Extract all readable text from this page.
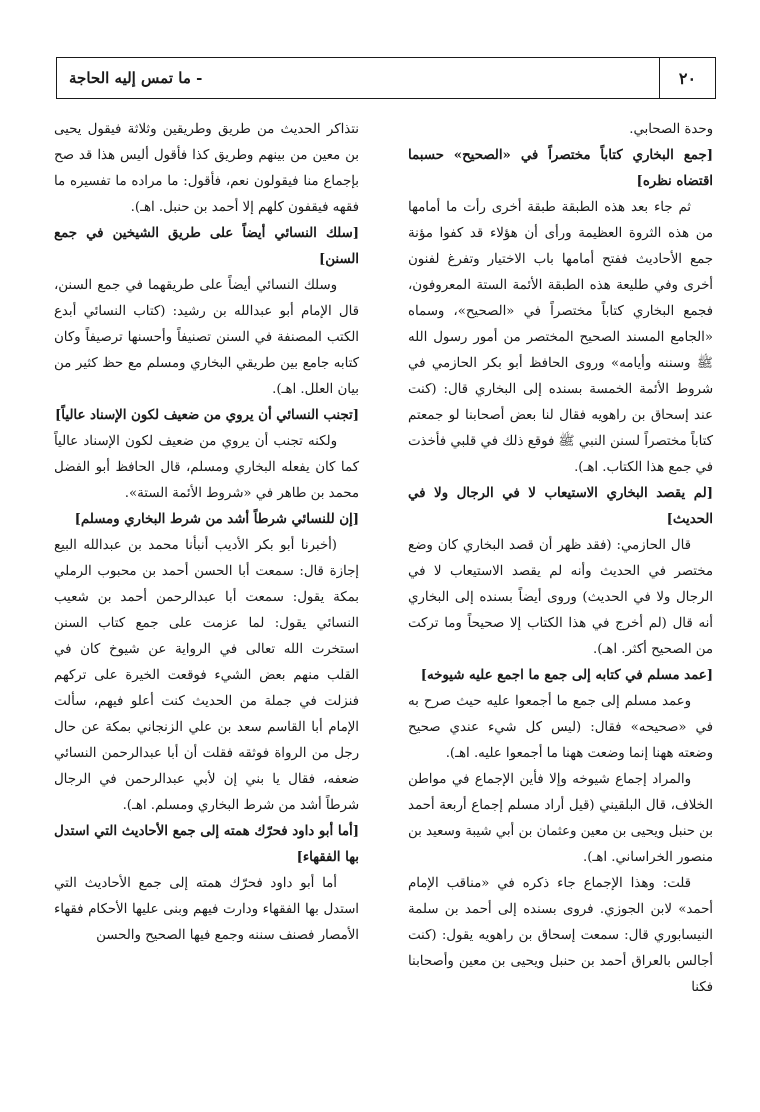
٢٠
- ما تمس إليه الحاجة

وحدة الصحابي.

[جمع البخاري كتاباً مختصراً في «الصحيح» حسبما اقتضاه نظره]

ثم جاء بعد هذه الطبقة طبقة أخرى رأت ما أمامها من هذه الثروة العظيمة ورأى أن هؤلاء قد كفوا مؤنة جمع الأحاديث ففتح أمامها باب الاختيار وتفرغ لفنون أخرى وفي طليعة هذه الطبقة الأئمة الستة المعروفون، فجمع البخاري كتاباً مختصراً في «الصحيح»، وسماه «الجامع المسند الصحيح المختصر من أمور رسول الله ﷺ وسننه وأيامه» وروى الحافظ أبو بكر الحازمي في شروط الأئمة الخمسة بسنده إلى البخاري قال: (كنت عند إسحاق بن راهويه فقال لنا بعض أصحابنا لو جمعتم كتاباً مختصراً لسنن النبي ﷺ فوقع ذلك في قلبي فأخذت في جمع هذا الكتاب. اهـ).

[لم يقصد البخاري الاستيعاب لا في الرجال ولا في الحديث]

قال الحازمي: (فقد ظهر أن قصد البخاري كان وضع مختصر في الحديث وأنه لم يقصد الاستيعاب لا في الرجال ولا في الحديث) وروى أيضاً بسنده إلى البخاري أنه قال (لم أخرج في هذا الكتاب إلا صحيحاً وما تركت من الصحيح أكثر. اهـ).

[عمد مسلم في كتابه إلى جمع ما اجمع عليه شيوخه]

وعمد مسلم إلى جمع ما أجمعوا عليه حيث صرح به في «صحيحه» فقال: (ليس كل شيء عندي صحيح وضعته ههنا إنما وضعت ههنا ما أجمعوا عليه. اهـ).

والمراد إجماع شيوخه وإلا فأين الإجماع في مواطن الخلاف، قال البلقيني (قيل أراد مسلم إجماع أربعة أحمد بن حنبل ويحيى بن معين وعثمان بن أبي شيبة وسعيد بن منصور الخراساني. اهـ).

قلت: وهذا الإجماع جاء ذكره في «مناقب الإمام أحمد» لابن الجوزي. فروى بسنده إلى أحمد بن سلمة النيسابوري قال: سمعت إسحاق بن راهويه يقول: (كنت أجالس بالعراق أحمد بن حنبل ويحيى بن معين وأصحابنا فكنا

نتذاكر الحديث من طريق وطريقين وثلاثة فيقول يحيى بن معين من بينهم وطريق كذا فأقول أليس هذا قد صح بإجماع منا فيقولون نعم، فأقول: ما مراده ما تفسيره ما فقهه فيقفون كلهم إلا أحمد بن حنبل. اهـ).

[سلك النسائي أيضاً على طريق الشيخين في جمع السنن]

وسلك النسائي أيضاً على طريقهما في جمع السنن، قال الإمام أبو عبدالله بن رشيد: (كتاب النسائي أبدع الكتب المصنفة في السنن تصنيفاً وأحسنها ترصيفاً وكان كتابه جامع بين طريقي البخاري ومسلم مع حظ كثير من بيان العلل. اهـ).

[تجنب النسائي أن يروي من ضعيف لكون الإسناد عالياً]

ولكنه تجنب أن يروي من ضعيف لكون الإسناد عالياً كما كان يفعله البخاري ومسلم، قال الحافظ أبو الفضل محمد بن طاهر في «شروط الأئمة الستة».

[إن للنسائي شرطاً أشد من شرط البخاري ومسلم]

(أخبرنا أبو بكر الأديب أنبأنا محمد بن عبدالله البيع إجازة قال: سمعت أبا الحسن أحمد بن محبوب الرملي بمكة يقول: سمعت أبا عبدالرحمن أحمد بن شعيب النسائي يقول: لما عزمت على جمع كتاب السنن استخرت الله تعالى في الرواية عن شيوخ كان في القلب منهم بعض الشيء فوقعت الخيرة على تركهم فنزلت في جملة من الحديث كنت أعلو فيهم، سألت الإمام أبا القاسم سعد بن علي الزنجاني بمكة عن حال رجل من الرواة فوثقه فقلت أن أبا عبدالرحمن النسائي ضعفه، فقال يا بني إن لأبي عبدالرحمن في الرجال شرطاً أشد من شرط البخاري ومسلم. اهـ).

[أما أبو داود فحرّك همته إلى جمع الأحاديث التي استدل بها الفقهاء]

أما أبو داود فحرّك همته إلى جمع الأحاديث التي استدل بها الفقهاء ودارت فيهم وبنى عليها الأحكام فقهاء الأمصار فصنف سننه وجمع فيها الصحيح والحسن
